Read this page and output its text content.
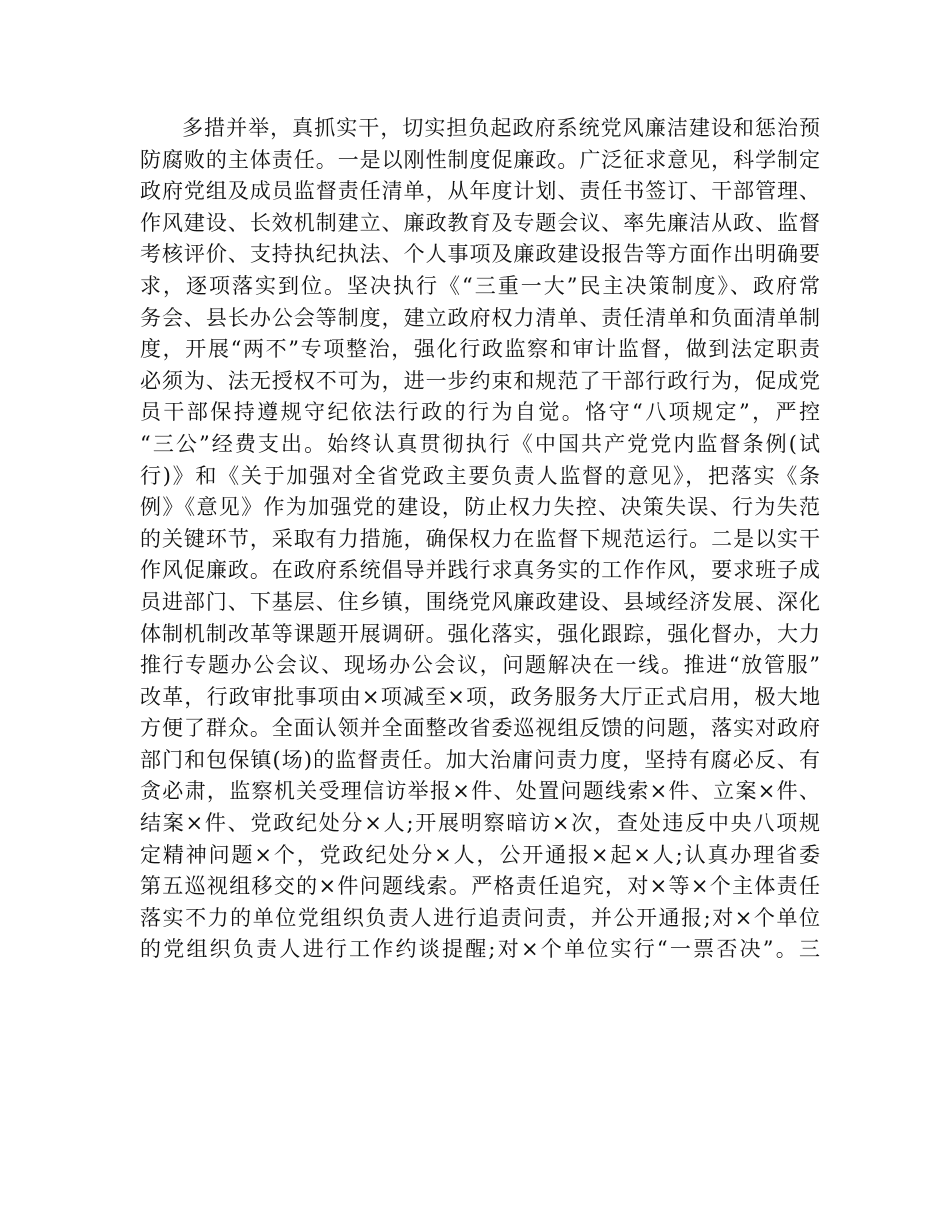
多措并举，真抓实干，切实担负起政府系统党风廉洁建设和惩治预
防腐败的主体责任。一是以刚性制度促廉政。广泛征求意见，科学制定
政府党组及成员监督责任清单，从年度计划、责任书签订、干部管理、
作风建设、长效机制建立、廉政教育及专题会议、率先廉洁从政、监督
考核评价、支持执纪执法、个人事项及廉政建设报告等方面作出明确要
求，逐项落实到位。坚决执行《“三重一大”民主决策制度》、政府常
务会、县长办公会等制度，建立政府权力清单、责任清单和负面清单制
度，开展“两不”专项整治，强化行政监察和审计监督，做到法定职责
必须为、法无授权不可为，进一步约束和规范了干部行政行为，促成党
员干部保持遵规守纪依法行政的行为自觉。恪守“八项规定”，严控
“三公”经费支出。始终认真贯彻执行《中国共产党党内监督条例(试
行)》和《关于加强对全省党政主要负责人监督的意见》，把落实《条
例》《意见》作为加强党的建设，防止权力失控、决策失误、行为失范
的关键环节，采取有力措施，确保权力在监督下规范运行。二是以实干
作风促廉政。在政府系统倡导并践行求真务实的工作作风，要求班子成
员进部门、下基层、住乡镇，围绕党风廉政建设、县域经济发展、深化
体制机制改革等课题开展调研。强化落实，强化跟踪，强化督办，大力
推行专题办公会议、现场办公会议，问题解决在一线。推进“放管服”
改革，行政审批事项由×项减至×项，政务服务大厅正式启用，极大地
方便了群众。全面认领并全面整改省委巡视组反馈的问题，落实对政府
部门和包保镇(场)的监督责任。加大治庸问责力度，坚持有腐必反、有
贪必肃，监察机关受理信访举报×件、处置问题线索×件、立案×件、
结案×件、党政纪处分×人;开展明察暗访×次，查处违反中央八项规
定精神问题×个，党政纪处分×人，公开通报×起×人;认真办理省委
第五巡视组移交的×件问题线索。严格责任追究，对×等×个主体责任
落实不力的单位党组织负责人进行追责问责，并公开通报;对×个单位
的党组织负责人进行工作约谈提醒;对×个单位实行“一票否决”。三
